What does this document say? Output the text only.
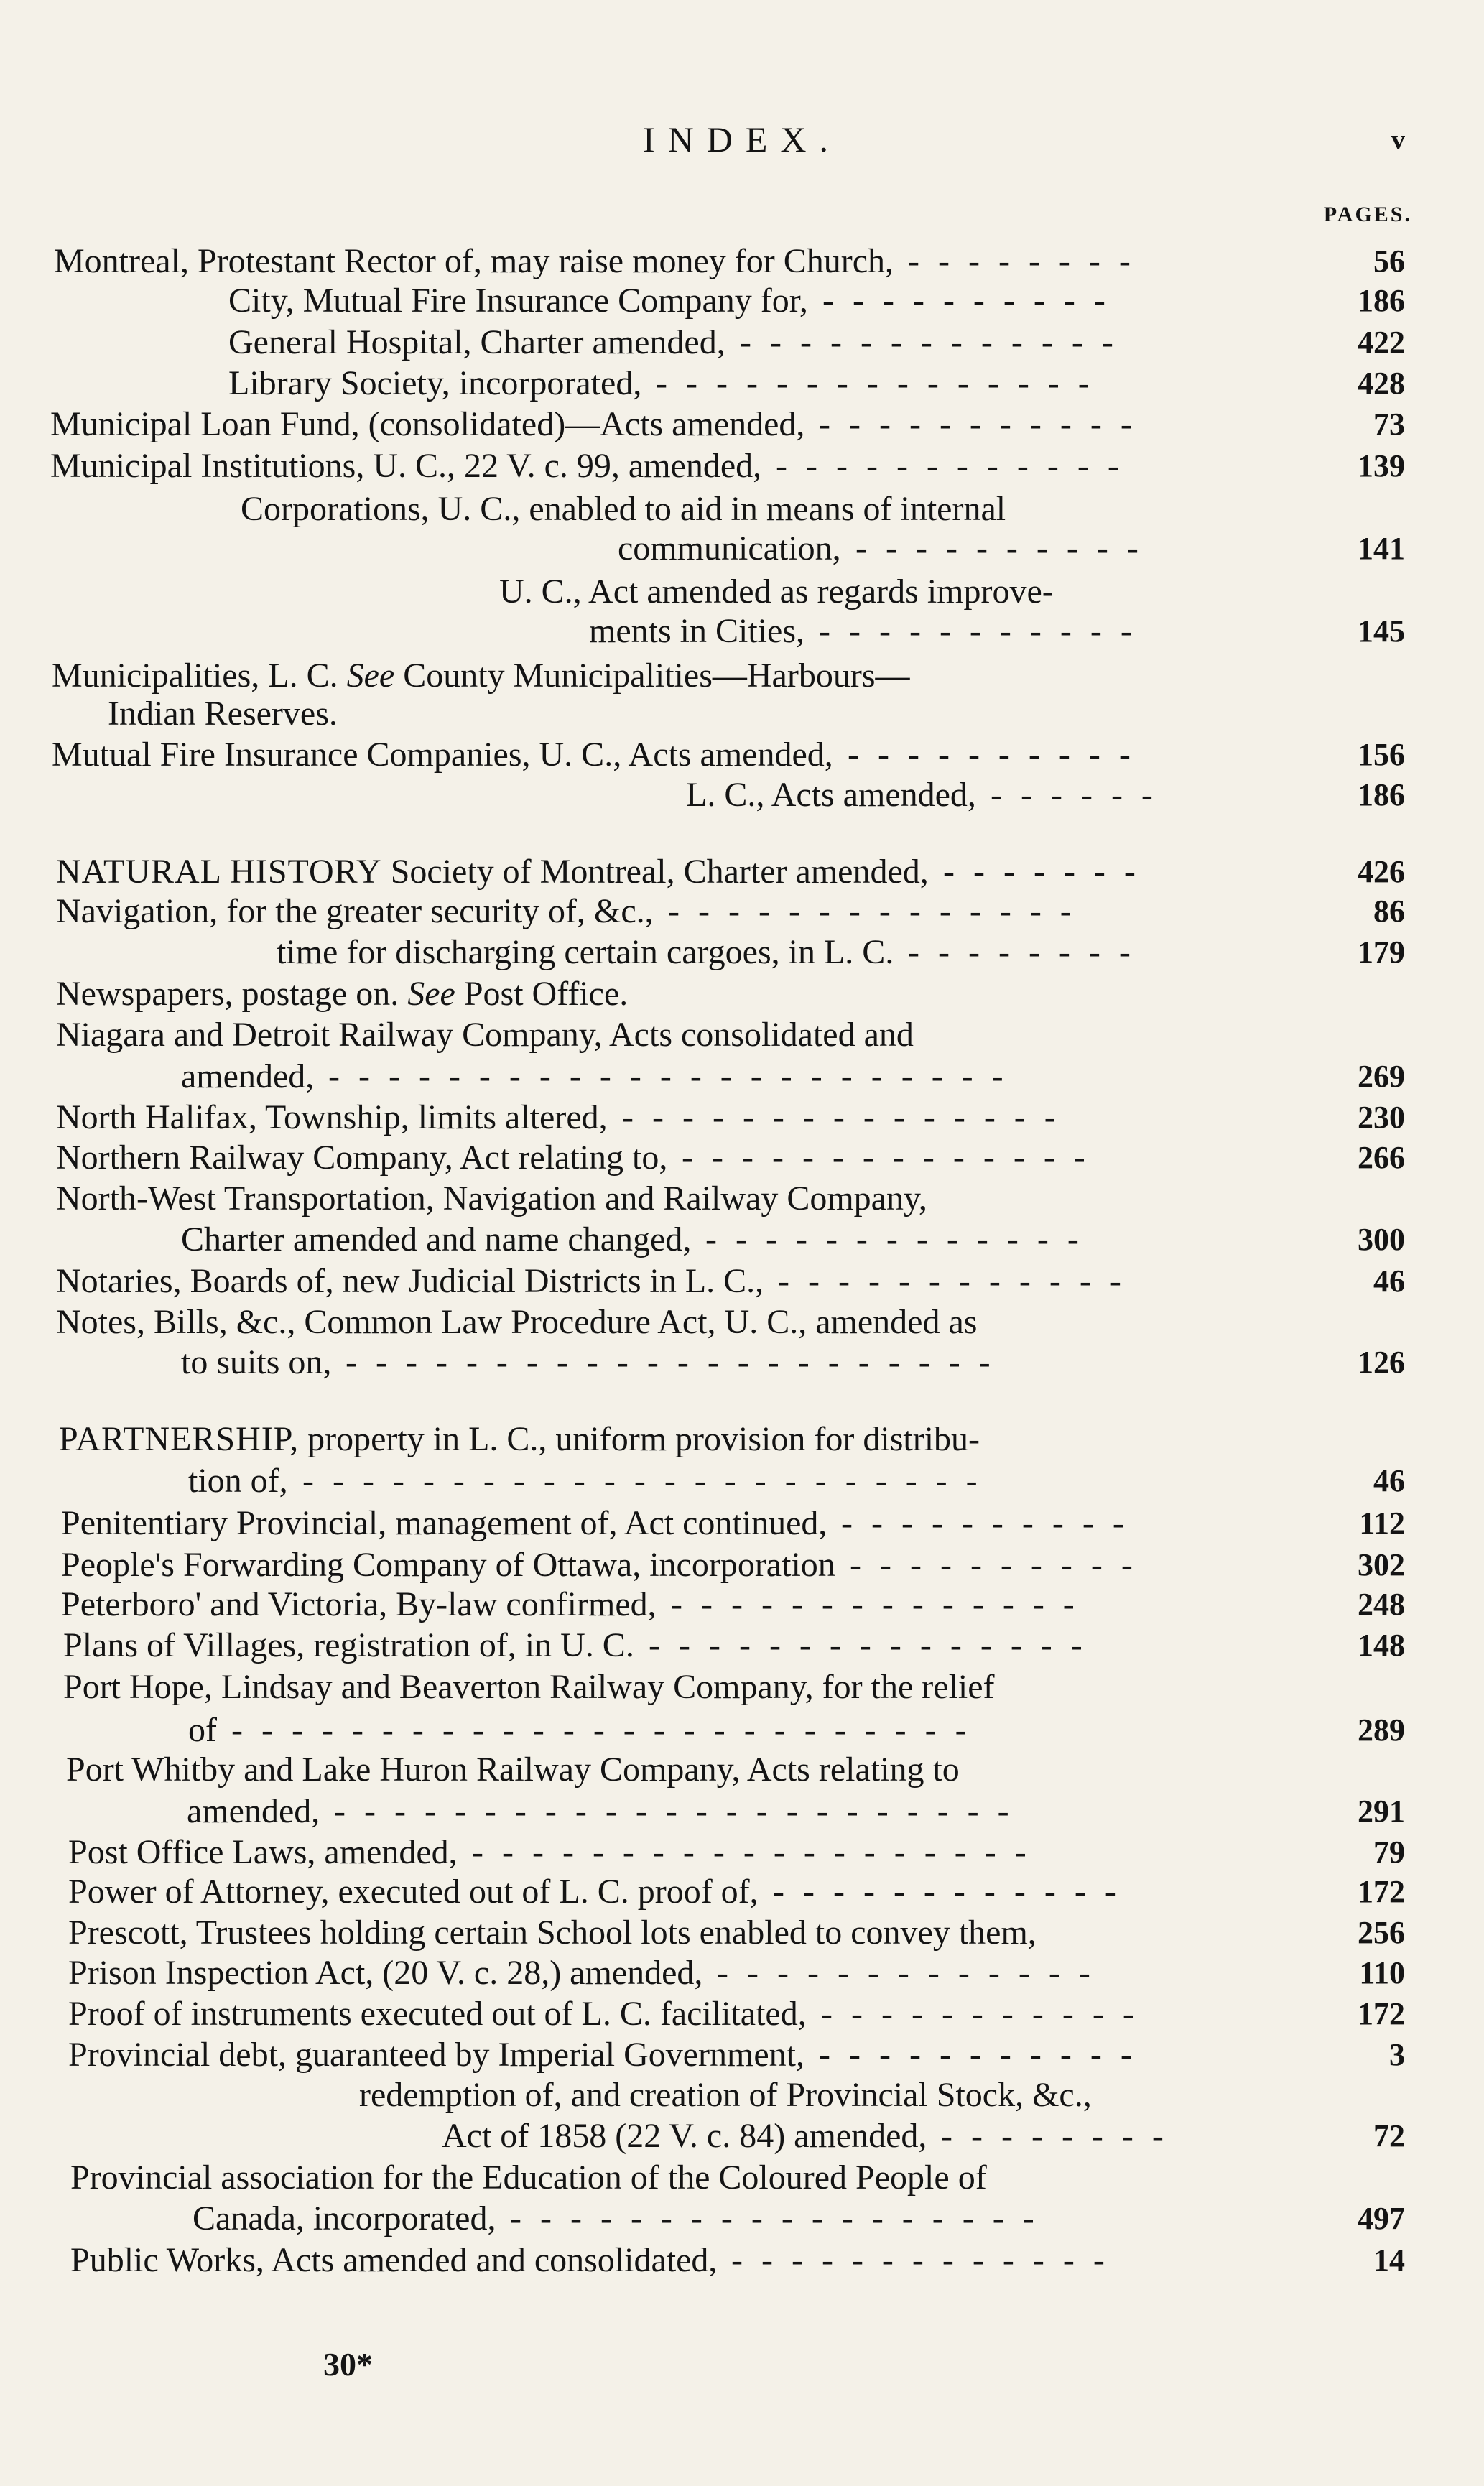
INDEX.	v
PAGES.
Montreal, Protestant Rector of, may raise money for Church,	56
--------
City, Mutual Fire Insurance Company for,	186
----------
General Hospital, Charter amended,	422
-------------
Library Society, incorporated,	428
---------------
Municipal Loan Fund, (consolidated)—Acts amended,	73
-----------
Municipal Institutions, U. C., 22 V. c. 99, amended,	139
------------
Corporations, U. C., enabled to aid in means of internal
communication,	141
----------
U. C., Act amended as regards improve-
ments in Cities,	145
-----------
Municipalities, L. C. See County Municipalities—Harbours—
Indian Reserves.
Mutual Fire Insurance Companies, U. C., Acts amended,	156
----------
L. C., Acts amended,	186
------
NATURAL HISTORY Society of Montreal, Charter amended,	426
-------
Navigation, for the greater security of, &c.,	86
--------------
time for discharging certain cargoes, in L. C.	179
--------
Newspapers, postage on. See Post Office.
Niagara and Detroit Railway Company, Acts consolidated and
amended,	269
-----------------------
North Halifax, Township, limits altered,	230
---------------
Northern Railway Company, Act relating to,	266
--------------
North-West Transportation, Navigation and Railway Company,
Charter amended and name changed,	300
-------------
Notaries, Boards of, new Judicial Districts in L. C.,	46
------------
Notes, Bills, &c., Common Law Procedure Act, U. C., amended as
to suits on,	126
----------------------
PARTNERSHIP, property in L. C., uniform provision for distribu-
tion of,	46
-----------------------
Penitentiary Provincial, management of, Act continued,	112
----------
People's Forwarding Company of Ottawa, incorporation	302
----------
Peterboro' and Victoria, By-law confirmed,	248
--------------
Plans of Villages, registration of, in U. C.	148
---------------
Port Hope, Lindsay and Beaverton Railway Company, for the relief
of	289
-------------------------
Port Whitby and Lake Huron Railway Company, Acts relating to
amended,	291
-----------------------
Post Office Laws, amended,	79
-------------------
Power of Attorney, executed out of L. C. proof of,	172
------------
Prescott, Trustees holding certain School lots enabled to convey them,	256
Prison Inspection Act, (20 V. c. 28,) amended,	110
-------------
Proof of instruments executed out of L. C. facilitated,	172
-----------
Provincial debt, guaranteed by Imperial Government,	3
-----------
redemption of, and creation of Provincial Stock, &c.,
Act of 1858 (22 V. c. 84) amended,	72
--------
Provincial association for the Education of the Coloured People of
Canada, incorporated,	497
------------------
Public Works, Acts amended and consolidated,	14
-------------
30*
